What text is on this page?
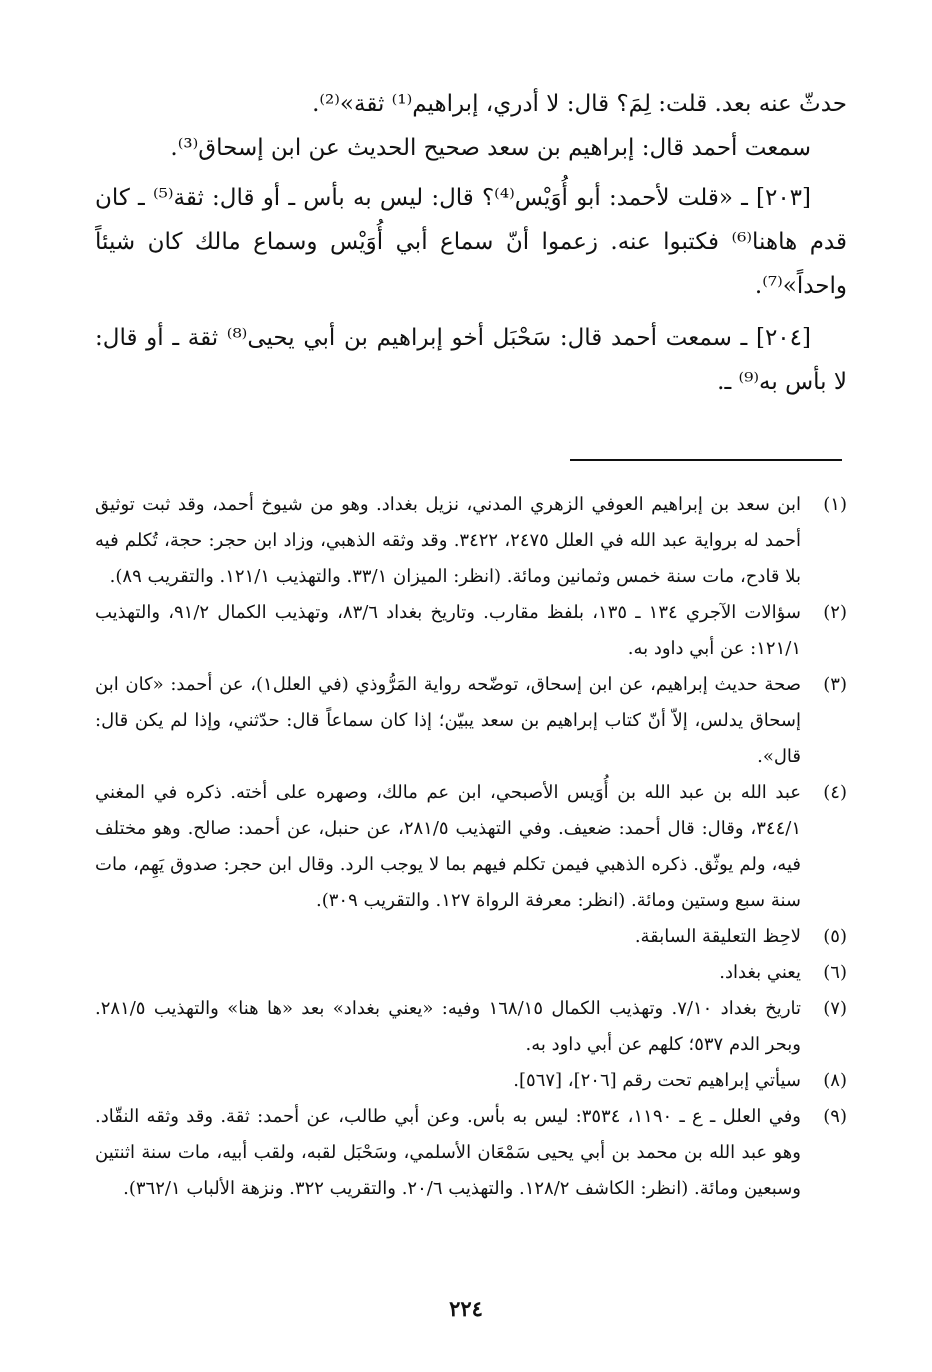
حدثّ عنه بعد. قلت: لِمَ؟ قال: لا أدري، إبراهيم⁽¹⁾ ثقة»⁽²⁾.

سمعت أحمد قال: إبراهيم بن سعد صحيح الحديث عن ابن إسحاق⁽³⁾.

[٢٠٣] ـ «قلت لأحمد: أبو أُوَيْس⁽⁴⁾؟ قال: ليس به بأس ـ أو قال: ثقة⁽⁵⁾ ـ كان قدم هاهنا⁽⁶⁾ فكتبوا عنه. زعموا أنّ سماع أبي أُوَيْس وسماع مالك كان شيئاً واحداً»⁽⁷⁾.

[٢٠٤] ـ سمعت أحمد قال: سَحْبَل أخو إبراهيم بن أبي يحيى⁽⁸⁾ ثقة ـ أو قال: لا بأس به⁽⁹⁾ ـ.

(١)
ابن سعد بن إبراهيم العوفي الزهري المدني، نزيل بغداد. وهو من شيوخ أحمد، وقد ثبت توثيق أحمد له برواية عبد الله في العلل ٢٤٧٥، ٣٤٢٢. وقد وثقه الذهبي، وزاد ابن حجر: حجة، تُكلم فيه بلا قادح، مات سنة خمس وثمانين ومائة. (انظر: الميزان ٣٣/١. والتهذيب ١٢١/١. والتقريب ٨٩).
(٢)
سؤالات الآجري ١٣٤ ـ ١٣٥، بلفظ مقارب. وتاريخ بغداد ٨٣/٦، وتهذيب الكمال ٩١/٢، والتهذيب ١٢١/١: عن أبي داود به.
(٣)
صحة حديث إبراهيم، عن ابن إسحاق، توضّحه رواية المَرُّوذي (في العلل١)، عن أحمد: «كان ابن إسحاق يدلس، إلاّ أنّ كتاب إبراهيم بن سعد يبيّن؛ إذا كان سماعاً قال: حدّثني، وإذا لم يكن قال: قال».
(٤)
عبد الله بن عبد الله بن أُوَيس الأصبحي، ابن عم مالك، وصهره على أخته. ذكره في المغني ٣٤٤/١، وقال: قال أحمد: ضعيف. وفي التهذيب ٢٨١/٥، عن حنبل، عن أحمد: صالح. وهو مختلف فيه، ولم يوثّق. ذكره الذهبي فيمن تكلم فيهم بما لا يوجب الرد. وقال ابن حجر: صدوق يَهِم، مات سنة سبع وستين ومائة. (انظر: معرفة الرواة ١٢٧. والتقريب ٣٠٩).
(٥)
لاحِظ التعليقة السابقة.
(٦)
يعني بغداد.
(٧)
تاريخ بغداد ٧/١٠. وتهذيب الكمال ١٦٨/١٥ وفيه: «يعني بغداد» بعد «ها هنا» والتهذيب ٢٨١/٥. وبحر الدم ٥٣٧؛ كلهم عن أبي داود به.
(٨)
سيأتي إبراهيم تحت رقم [٢٠٦]، [٥٦٧].
(٩)
وفي العلل ـ ع ـ ١١٩٠، ٣٥٣٤: ليس به بأس. وعن أبي طالب، عن أحمد: ثقة. وقد وثقه النقّاد. وهو عبد الله بن محمد بن أبي يحيى سَمْعَان الأسلمي، وسَحْبَل لقبه، ولقب أبيه، مات سنة اثنتين وسبعين ومائة. (انظر: الكاشف ١٢٨/٢. والتهذيب ٢٠/٦. والتقريب ٣٢٢. ونزهة الألباب ٣٦٢/١).
٢٢٤
